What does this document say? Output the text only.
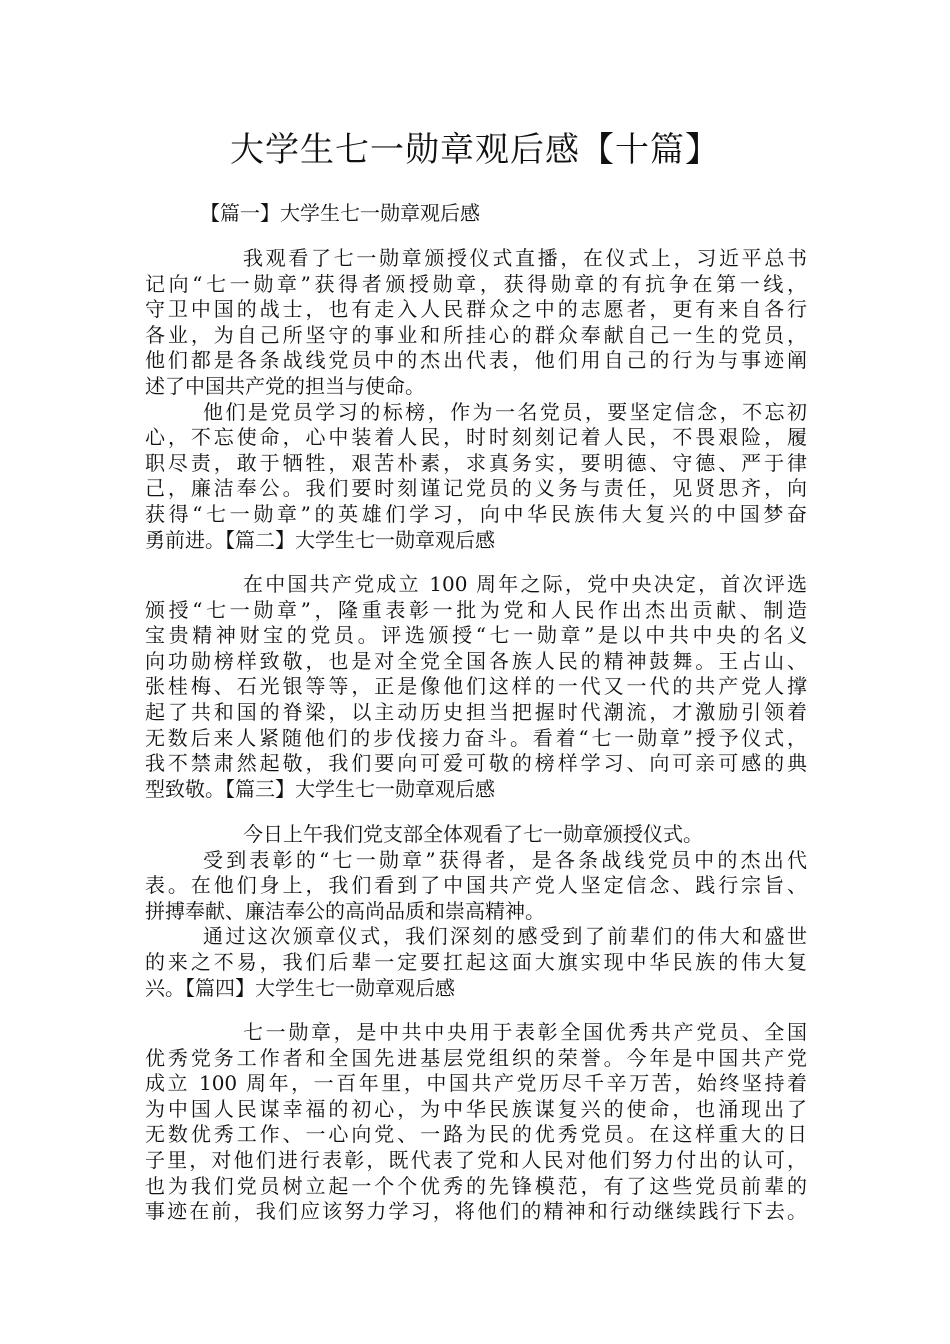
大学生七一勋章观后感【十篇】

【篇一】大学生七一勋章观后感

我观看了七一勋章颁授仪式直播，在仪式上，习近平总书
记向“七一勋章”获得者颁授勋章，获得勋章的有抗争在第一线，
守卫中国的战士，也有走入人民群众之中的志愿者，更有来自各行
各业，为自己所坚守的事业和所挂心的群众奉献自己一生的党员，
他们都是各条战线党员中的杰出代表，他们用自己的行为与事迹阐
述了中国共产党的担当与使命。
他们是党员学习的标榜，作为一名党员，要坚定信念，不忘初
心，不忘使命，心中装着人民，时时刻刻记着人民，不畏艰险，履
职尽责，敢于牺牲，艰苦朴素，求真务实，要明德、守德、严于律
己，廉洁奉公。我们要时刻谨记党员的义务与责任，见贤思齐，向
获得“七一勋章”的英雄们学习，向中华民族伟大复兴的中国梦奋
勇前进。【篇二】大学生七一勋章观后感
在中国共产党成立 100 周年之际，党中央决定，首次评选
颁授“七一勋章”，隆重表彰一批为党和人民作出杰出贡献、制造
宝贵精神财宝的党员。评选颁授“七一勋章”是以中共中央的名义
向功勋榜样致敬，也是对全党全国各族人民的精神鼓舞。王占山、
张桂梅、石光银等等，正是像他们这样的一代又一代的共产党人撑
起了共和国的脊梁，以主动历史担当把握时代潮流，才激励引领着
无数后来人紧随他们的步伐接力奋斗。看着“七一勋章”授予仪式，
我不禁肃然起敬，我们要向可爱可敬的榜样学习、向可亲可感的典
型致敬。【篇三】大学生七一勋章观后感
今日上午我们党支部全体观看了七一勋章颁授仪式。
受到表彰的“七一勋章”获得者，是各条战线党员中的杰出代
表。在他们身上，我们看到了中国共产党人坚定信念、践行宗旨、
拼搏奉献、廉洁奉公的高尚品质和崇高精神。
通过这次颁章仪式，我们深刻的感受到了前辈们的伟大和盛世
的来之不易，我们后辈一定要扛起这面大旗实现中华民族的伟大复
兴。【篇四】大学生七一勋章观后感
七一勋章，是中共中央用于表彰全国优秀共产党员、全国
优秀党务工作者和全国先进基层党组织的荣誉。今年是中国共产党
成立 100 周年，一百年里，中国共产党历尽千辛万苦，始终坚持着
为中国人民谋幸福的初心，为中华民族谋复兴的使命，也涌现出了
无数优秀工作、一心向党、一路为民的优秀党员。在这样重大的日
子里，对他们进行表彰，既代表了党和人民对他们努力付出的认可，
也为我们党员树立起一个个优秀的先锋模范，有了这些党员前辈的
事迹在前，我们应该努力学习，将他们的精神和行动继续践行下去。
